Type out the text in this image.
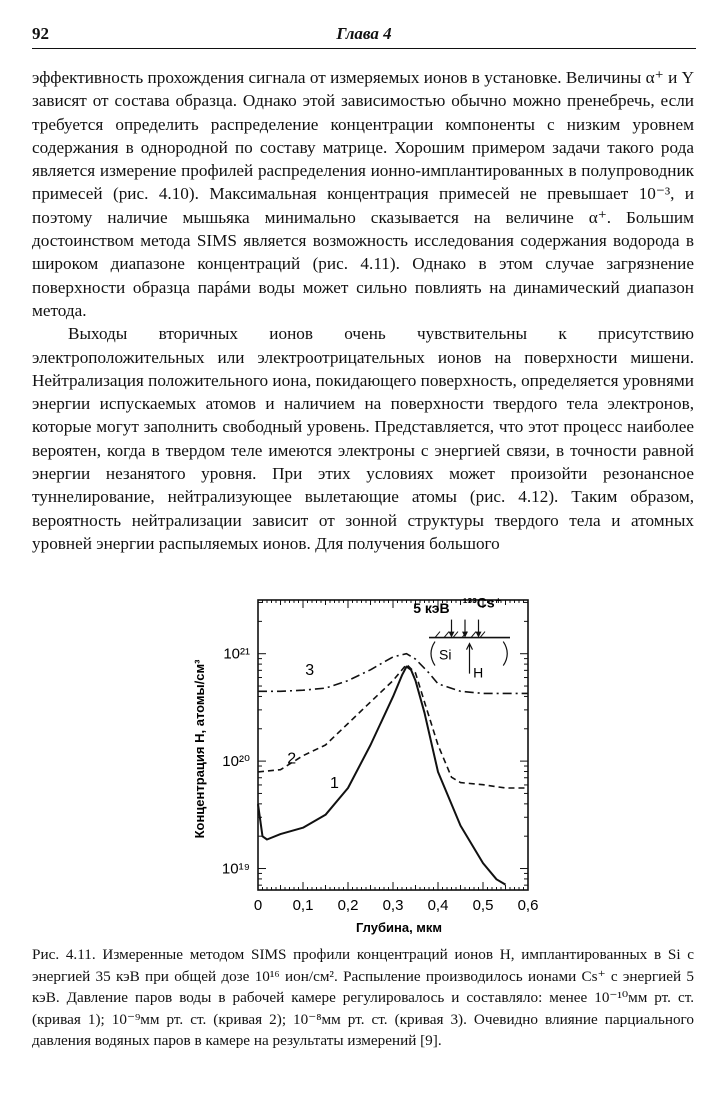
92	Глава 4

эффективность прохождения сигнала от измеряемых ионов в установке. Величины α⁺ и Y зависят от состава образца. Однако этой зависимостью обычно можно пренебречь, если требуется определить распределение концентрации компоненты с низким уровнем содержания в однородной по составу матрице. Хорошим примером задачи такого рода является измерение профилей распределения ионно-имплантированных в полупроводник примесей (рис. 4.10). Максимальная концентрация примесей не превышает 10⁻³, и поэтому наличие мышьяка минимально сказывается на величине α⁺. Большим достоинством метода SIMS является возможность исследования содержания водорода в широком диапазоне концентраций (рис. 4.11). Однако в этом случае загрязнение поверхности образца парáми воды может сильно повлиять на динамический диапазон метода.

Выходы вторичных ионов очень чувствительны к присутствию электроположительных или электроотрицательных ионов на поверхности мишени. Нейтрализация положительного иона, покидающего поверхность, определяется уровнями энергии испускаемых атомов и наличием на поверхности твердого тела электронов, которые могут заполнить свободный уровень. Представляется, что этот процесс наиболее вероятен, когда в твердом теле имеются электроны с энергией связи, в точности равной энергии незанятого уровня. При этих условиях может произойти резонансное туннелирование, нейтрализующее вылетающие атомы (рис. 4.12). Таким образом, вероятность нейтрализации зависит от зонной структуры твердого тела и атомных уровней энергии распыляемых ионов. Для получения большого

0 0,1 0,2 0,3 0,4 0,5 0,6
10¹⁹
10²⁰
10²¹
Глубина, мкм
Концентрация H, атомы/см³	1
2
3
5 кэВ ¹³³Cs⁺
Si
H

Рис. 4.11. Измеренные методом SIMS профили концентраций ионов H, имплантированных в Si с энергией 35 кэВ при общей дозе 10¹⁶ ион/см². Распыление производилось ионами Cs⁺ с энергией 5 кэВ. Давление паров воды в рабочей камере регулировалось и составляло: менее 10⁻¹⁰мм рт. ст. (кривая 1); 10⁻⁹мм рт. ст. (кривая 2); 10⁻⁸мм рт. ст. (кривая 3). Очевидно влияние парциального давления водяных паров в камере на результаты измерений [9].
